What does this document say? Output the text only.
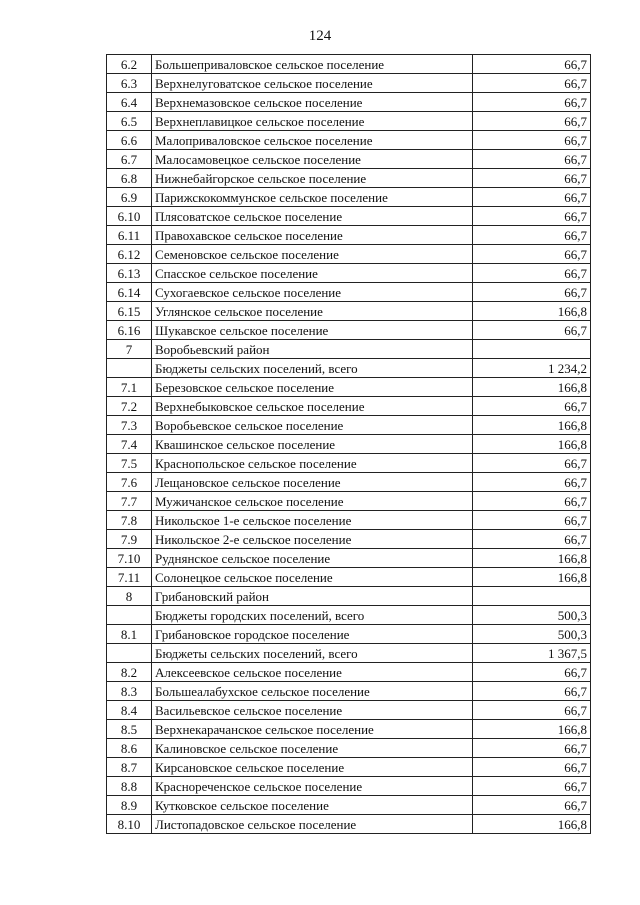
124
6.2	Большеприваловское сельское поселение	66,7
6.3	Верхнелуговатское сельское поселение	66,7
6.4	Верхнемазовское сельское поселение	66,7
6.5	Верхнеплавицкое сельское поселение	66,7
6.6	Малоприваловское сельское поселение	66,7
6.7	Малосамовецкое сельское поселение	66,7
6.8	Нижнебайгорское сельское поселение	66,7
6.9	Парижскокоммунское сельское поселение	66,7
6.10	Плясоватское сельское поселение	66,7
6.11	Правохавское сельское поселение	66,7
6.12	Семеновское сельское поселение	66,7
6.13	Спасское сельское поселение	66,7
6.14	Сухогаевское сельское поселение	66,7
6.15	Углянское сельское поселение	166,8
6.16	Шукавское сельское поселение	66,7
7	Воробьевский район	
	Бюджеты сельских поселений, всего	1 234,2
7.1	Березовское сельское поселение	166,8
7.2	Верхнебыковское сельское поселение	66,7
7.3	Воробьевское сельское поселение	166,8
7.4	Квашинское сельское поселение	166,8
7.5	Краснопольское сельское поселение	66,7
7.6	Лещановское сельское поселение	66,7
7.7	Мужичанское сельское поселение	66,7
7.8	Никольское 1-е сельское поселение	66,7
7.9	Никольское 2-е сельское поселение	66,7
7.10	Руднянское сельское поселение	166,8
7.11	Солонецкое сельское поселение	166,8
8	Грибановский район	
	Бюджеты городских поселений, всего	500,3
8.1	Грибановское городское поселение	500,3
	Бюджеты сельских поселений, всего	1 367,5
8.2	Алексеевское сельское поселение	66,7
8.3	Большеалабухское сельское поселение	66,7
8.4	Васильевское сельское поселение	66,7
8.5	Верхнекарачанское сельское поселение	166,8
8.6	Калиновское сельское поселение	66,7
8.7	Кирсановское сельское поселение	66,7
8.8	Краснореченское сельское поселение	66,7
8.9	Кутковское сельское поселение	66,7
8.10	Листопадовское сельское поселение	166,8
